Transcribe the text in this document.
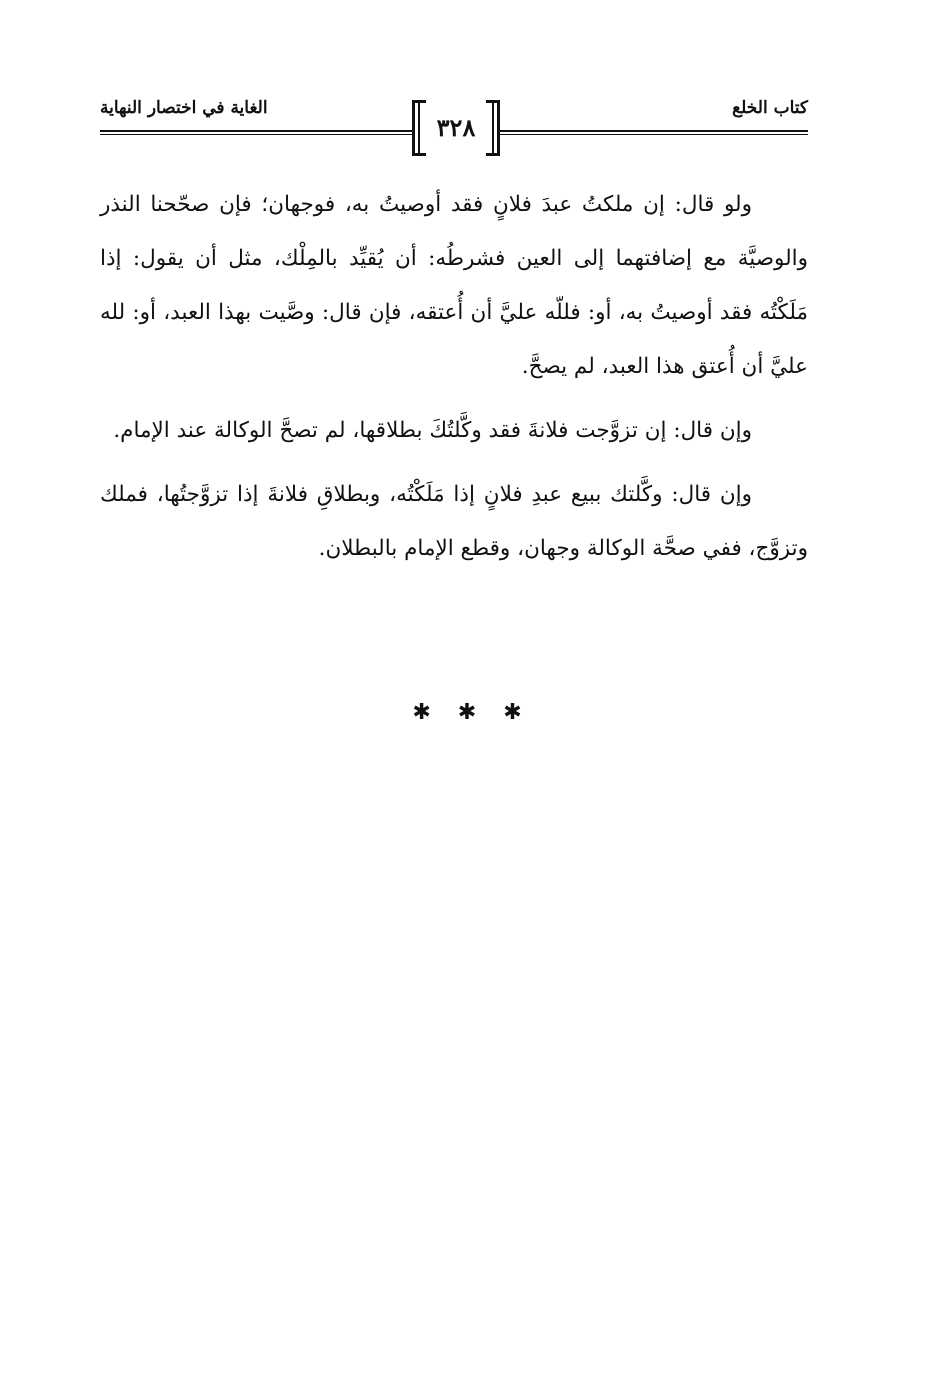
كتاب الخلع
الغاية في اختصار النهاية
٣٢٨

ولو قال: إن ملكتُ عبدَ فلانٍ فقد أوصيتُ به، فوجهان؛ فإن صحّحنا النذر والوصيَّة مع إضافتهما إلى العين فشرطُه: أن يُقيِّد بالمِلْك، مثل أن يقول: إذا مَلَكْتُه فقد أوصيتُ به، أو: فللّه عليَّ أن أُعتقه، فإن قال: وصَّيت بهذا العبد، أو: لله عليَّ أن أُعتق هذا العبد، لم يصحَّ.

وإن قال: إن تزوَّجت فلانةَ فقد وكَّلتُكَ بطلاقها، لم تصحَّ الوكالة عند الإمام.

وإن قال: وكَّلتك ببيع عبدِ فلانٍ إذا مَلَكْتُه، وبطلاقِ فلانةَ إذا تزوَّجتُها، فملك وتزوَّج، ففي صحَّة الوكالة وجهان، وقطع الإمام بالبطلان.

✱ ✱ ✱
